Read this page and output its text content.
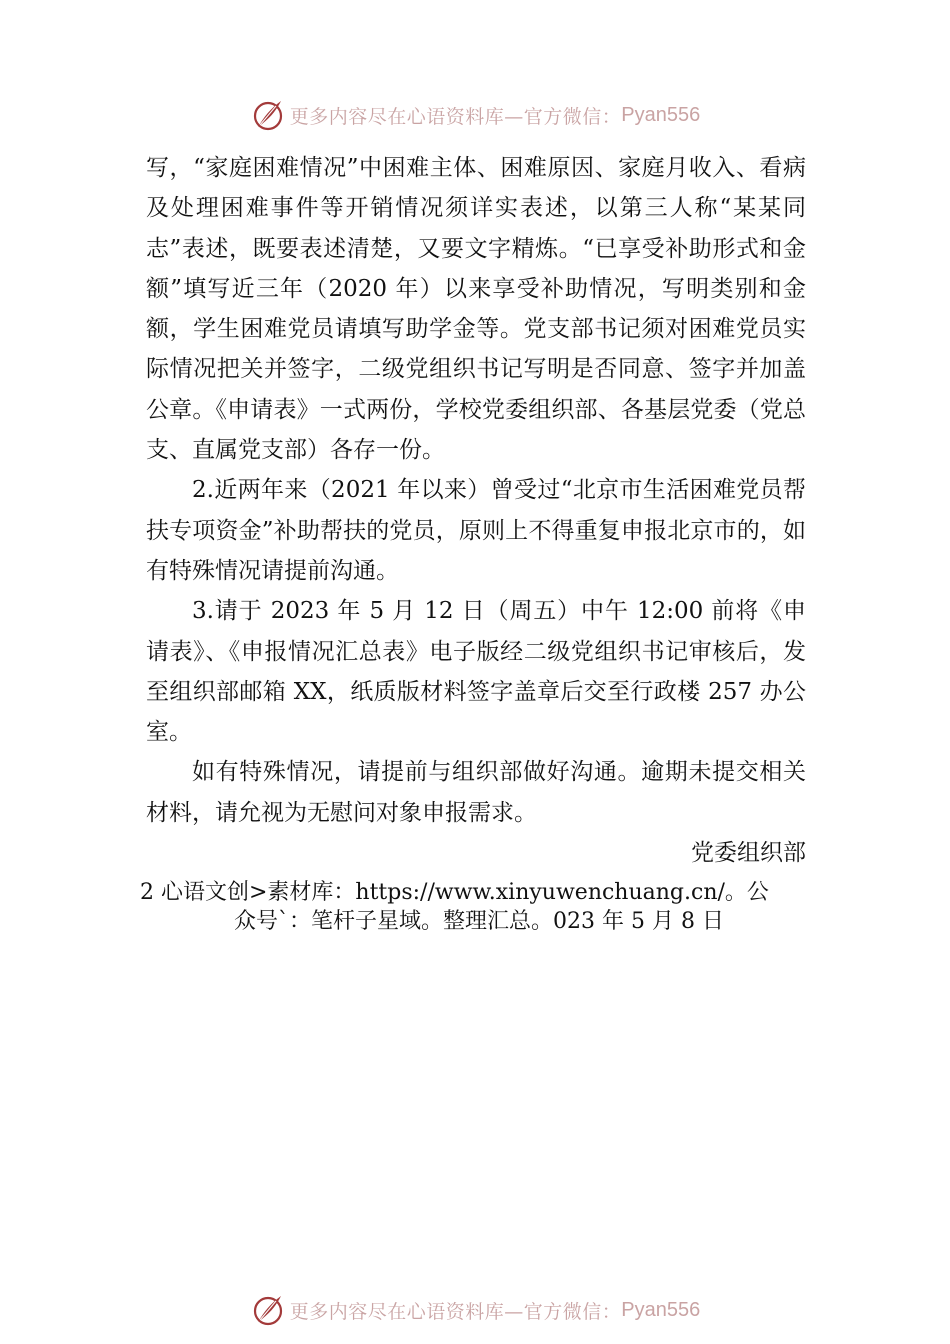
更多内容尽在心语资料库—官方微信： Pyan556

写，“家庭困难情况”中困难主体、困难原因、家庭月收入、看病及处理困难事件等开销情况须详实表述，以第三人称“某某同志”表述，既要表述清楚，又要文字精炼。“已享受补助形式和金额”填写近三年（2020 年）以来享受补助情况，写明类别和金额，学生困难党员请填写助学金等。党支部书记须对困难党员实际情况把关并签字，二级党组织书记写明是否同意、签字并加盖公章。《申请表》一式两份，学校党委组织部、各基层党委（党总支、直属党支部）各存一份。

2.近两年来（2021 年以来）曾受过“北京市生活困难党员帮扶专项资金”补助帮扶的党员，原则上不得重复申报北京市的，如有特殊情况请提前沟通。

3.请于 2023 年 5 月 12 日（周五）中午 12:00 前将《申请表》、《申报情况汇总表》电子版经二级党组织书记审核后，发至组织部邮箱 XX，纸质版材料签字盖章后交至行政楼 257 办公室。

如有特殊情况，请提前与组织部做好沟通。逾期未提交相关材料，请允视为无慰问对象申报需求。

党委组织部

2 心语文创>素材库：https://www.xinyuwenchuang.cn/。公
众号`：笔杆子星域。整理汇总。023 年 5 月 8 日
更多内容尽在心语资料库—官方微信： Pyan556
